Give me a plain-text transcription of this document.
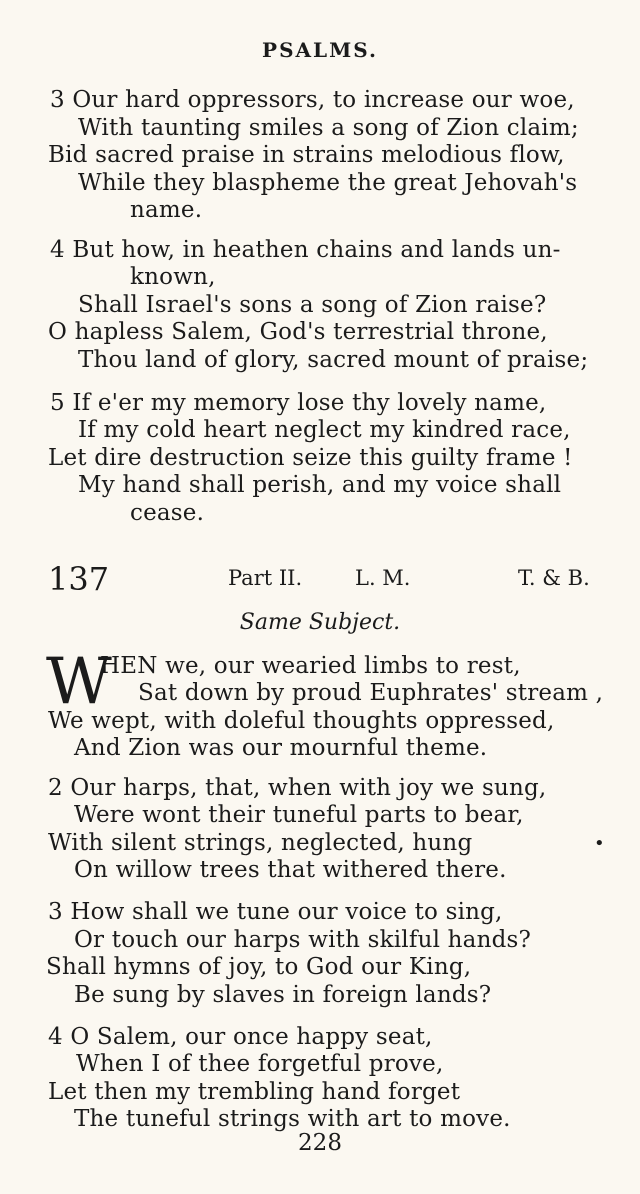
PSALMS.
3 Our hard oppressors, to increase our woe,
With taunting smiles a song of Zion claim;
Bid sacred praise in strains melodious flow,
While they blaspheme the great Jehovah's
name.
4 But how, in heathen chains and lands un-
known,
Shall Israel's sons a song of Zion raise?
O hapless Salem, God's terrestrial throne,
Thou land of glory, sacred mount of praise;
5 If e'er my memory lose thy lovely name,
If my cold heart neglect my kindred race,
Let dire destruction seize this guilty frame !
My hand shall perish, and my voice shall
cease.
137	Part II.	L. M.	T. & B.
Same Subject.
W
HEN we, our wearied limbs to rest,
Sat down by proud Euphrates' stream ,
We wept, with doleful thoughts oppressed,
And Zion was our mournful theme.
2 Our harps, that, when with joy we sung,
Were wont their tuneful parts to bear,
With silent strings, neglected, hung
On willow trees that withered there.
•
3 How shall we tune our voice to sing,
Or touch our harps with skilful hands?
Shall hymns of joy, to God our King,
Be sung by slaves in foreign lands?
4 O Salem, our once happy seat,
When I of thee forgetful prove,
Let then my trembling hand forget
The tuneful strings with art to move.
228
